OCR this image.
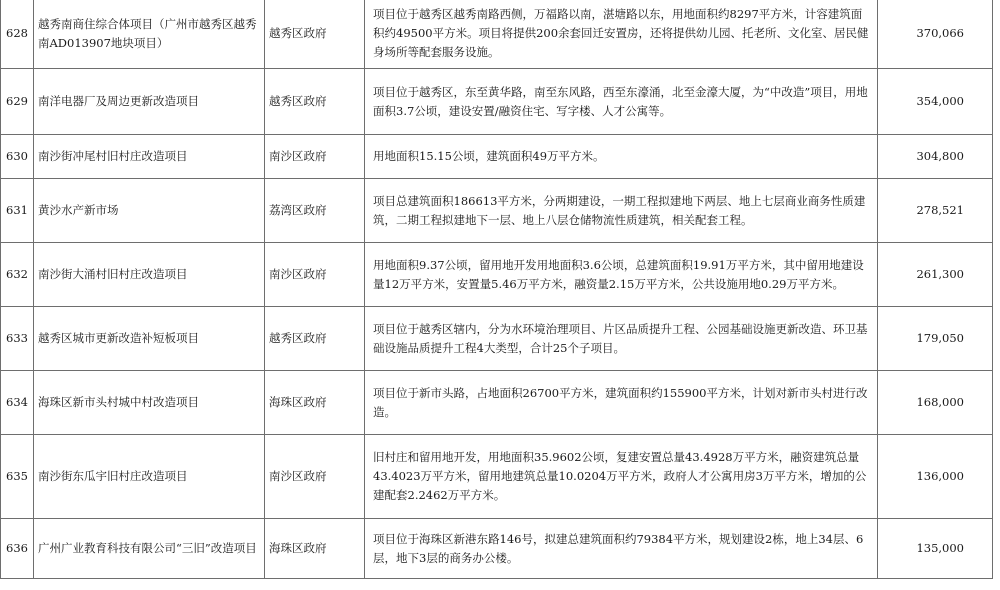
628	越秀南商住综合体项目（广州市越秀区越秀南AD013907地块项目）	越秀区政府	项目位于越秀区越秀南路西侧，万福路以南，湛塘路以东，用地面积约8297平方米，计容建筑面积约49500平方米。项目将提供200余套回迁安置房，还将提供幼儿园、托老所、文化室、居民健身场所等配套服务设施。	370,066
629	南洋电器厂及周边更新改造项目	越秀区政府	项目位于越秀区，东至黄华路，南至东风路，西至东濠涌，北至金濠大厦，为“中改造”项目，用地面积3.7公顷，建设安置/融资住宅、写字楼、人才公寓等。	354,000
630	南沙街冲尾村旧村庄改造项目	南沙区政府	用地面积15.15公顷，建筑面积49万平方米。	304,800
631	黄沙水产新市场	荔湾区政府	项目总建筑面积186613平方米，分两期建设，一期工程拟建地下两层、地上七层商业商务性质建筑，二期工程拟建地下一层、地上八层仓储物流性质建筑，相关配套工程。	278,521
632	南沙街大涌村旧村庄改造项目	南沙区政府	用地面积9.37公顷，留用地开发用地面积3.6公顷，总建筑面积19.91万平方米，其中留用地建设量12万平方米，安置量5.46万平方米，融资量2.15万平方米，公共设施用地0.29万平方米。	261,300
633	越秀区城市更新改造补短板项目	越秀区政府	项目位于越秀区辖内，分为水环境治理项目、片区品质提升工程、公园基础设施更新改造、环卫基础设施品质提升工程4大类型，合计25个子项目。	179,050
634	海珠区新市头村城中村改造项目	海珠区政府	项目位于新市头路，占地面积26700平方米，建筑面积约155900平方米，计划对新市头村进行改造。	168,000
635	南沙街东瓜宇旧村庄改造项目	南沙区政府	旧村庄和留用地开发，用地面积35.9602公顷，复建安置总量43.4928万平方米，融资建筑总量43.4023万平方米，留用地建筑总量10.0204万平方米，政府人才公寓用房3万平方米，增加的公建配套2.2462万平方米。	136,000
636	广州广业教育科技有限公司“三旧”改造项目	海珠区政府	项目位于海珠区新港东路146号，拟建总建筑面积约79384平方米，规划建设2栋，地上34层、6层，地下3层的商务办公楼。	135,000
